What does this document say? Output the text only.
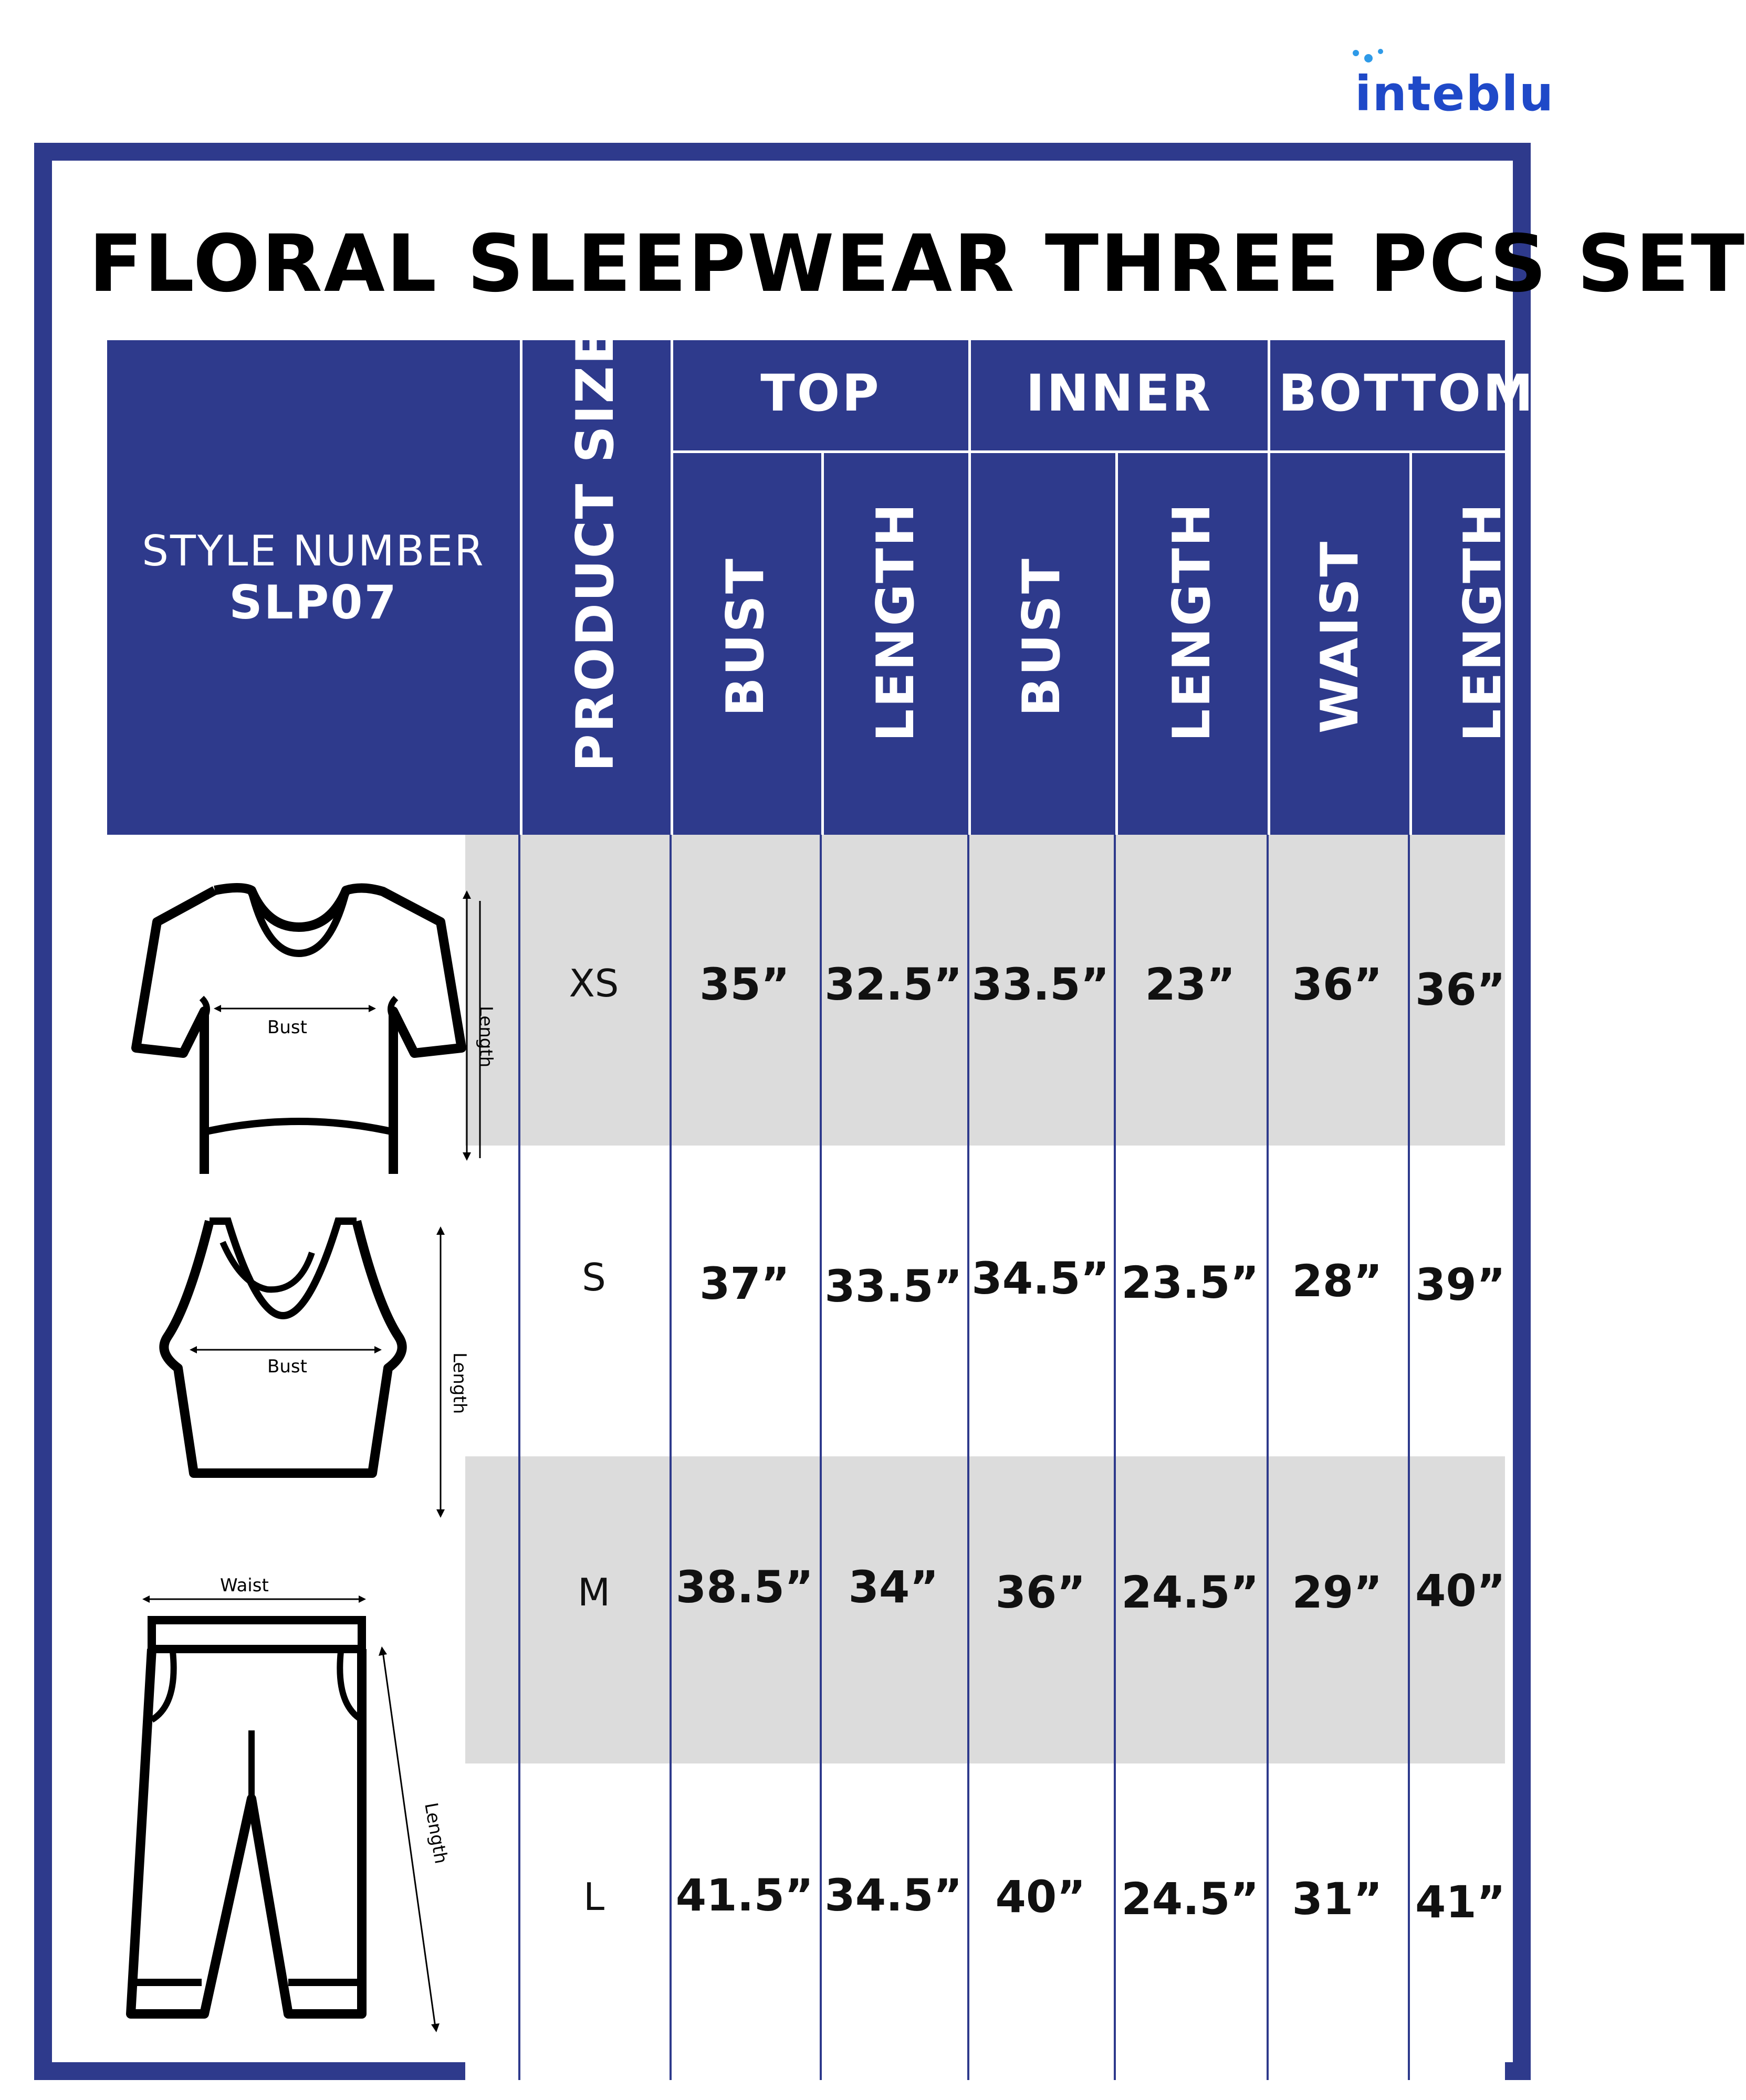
inteblu
FLORAL SLEEPWEAR THREE PCS SET
STYLE NUMBER
SLP07	PRODUCT SIZE	TOP	INNER	BOTTOM
BUST LENGTH BUST LENGTH WAIST LENGTH
XS	35” 32.5” 33.5” 23”	36” 36”
S	37” 33.5” 34.5” 23.5” 28” 39”
M	38.5” 34”	36” 24.5” 29” 40”
L	41.5” 34.5” 40” 24.5” 31” 41”
Bust	Length
Bust	Length
Waist
Length
